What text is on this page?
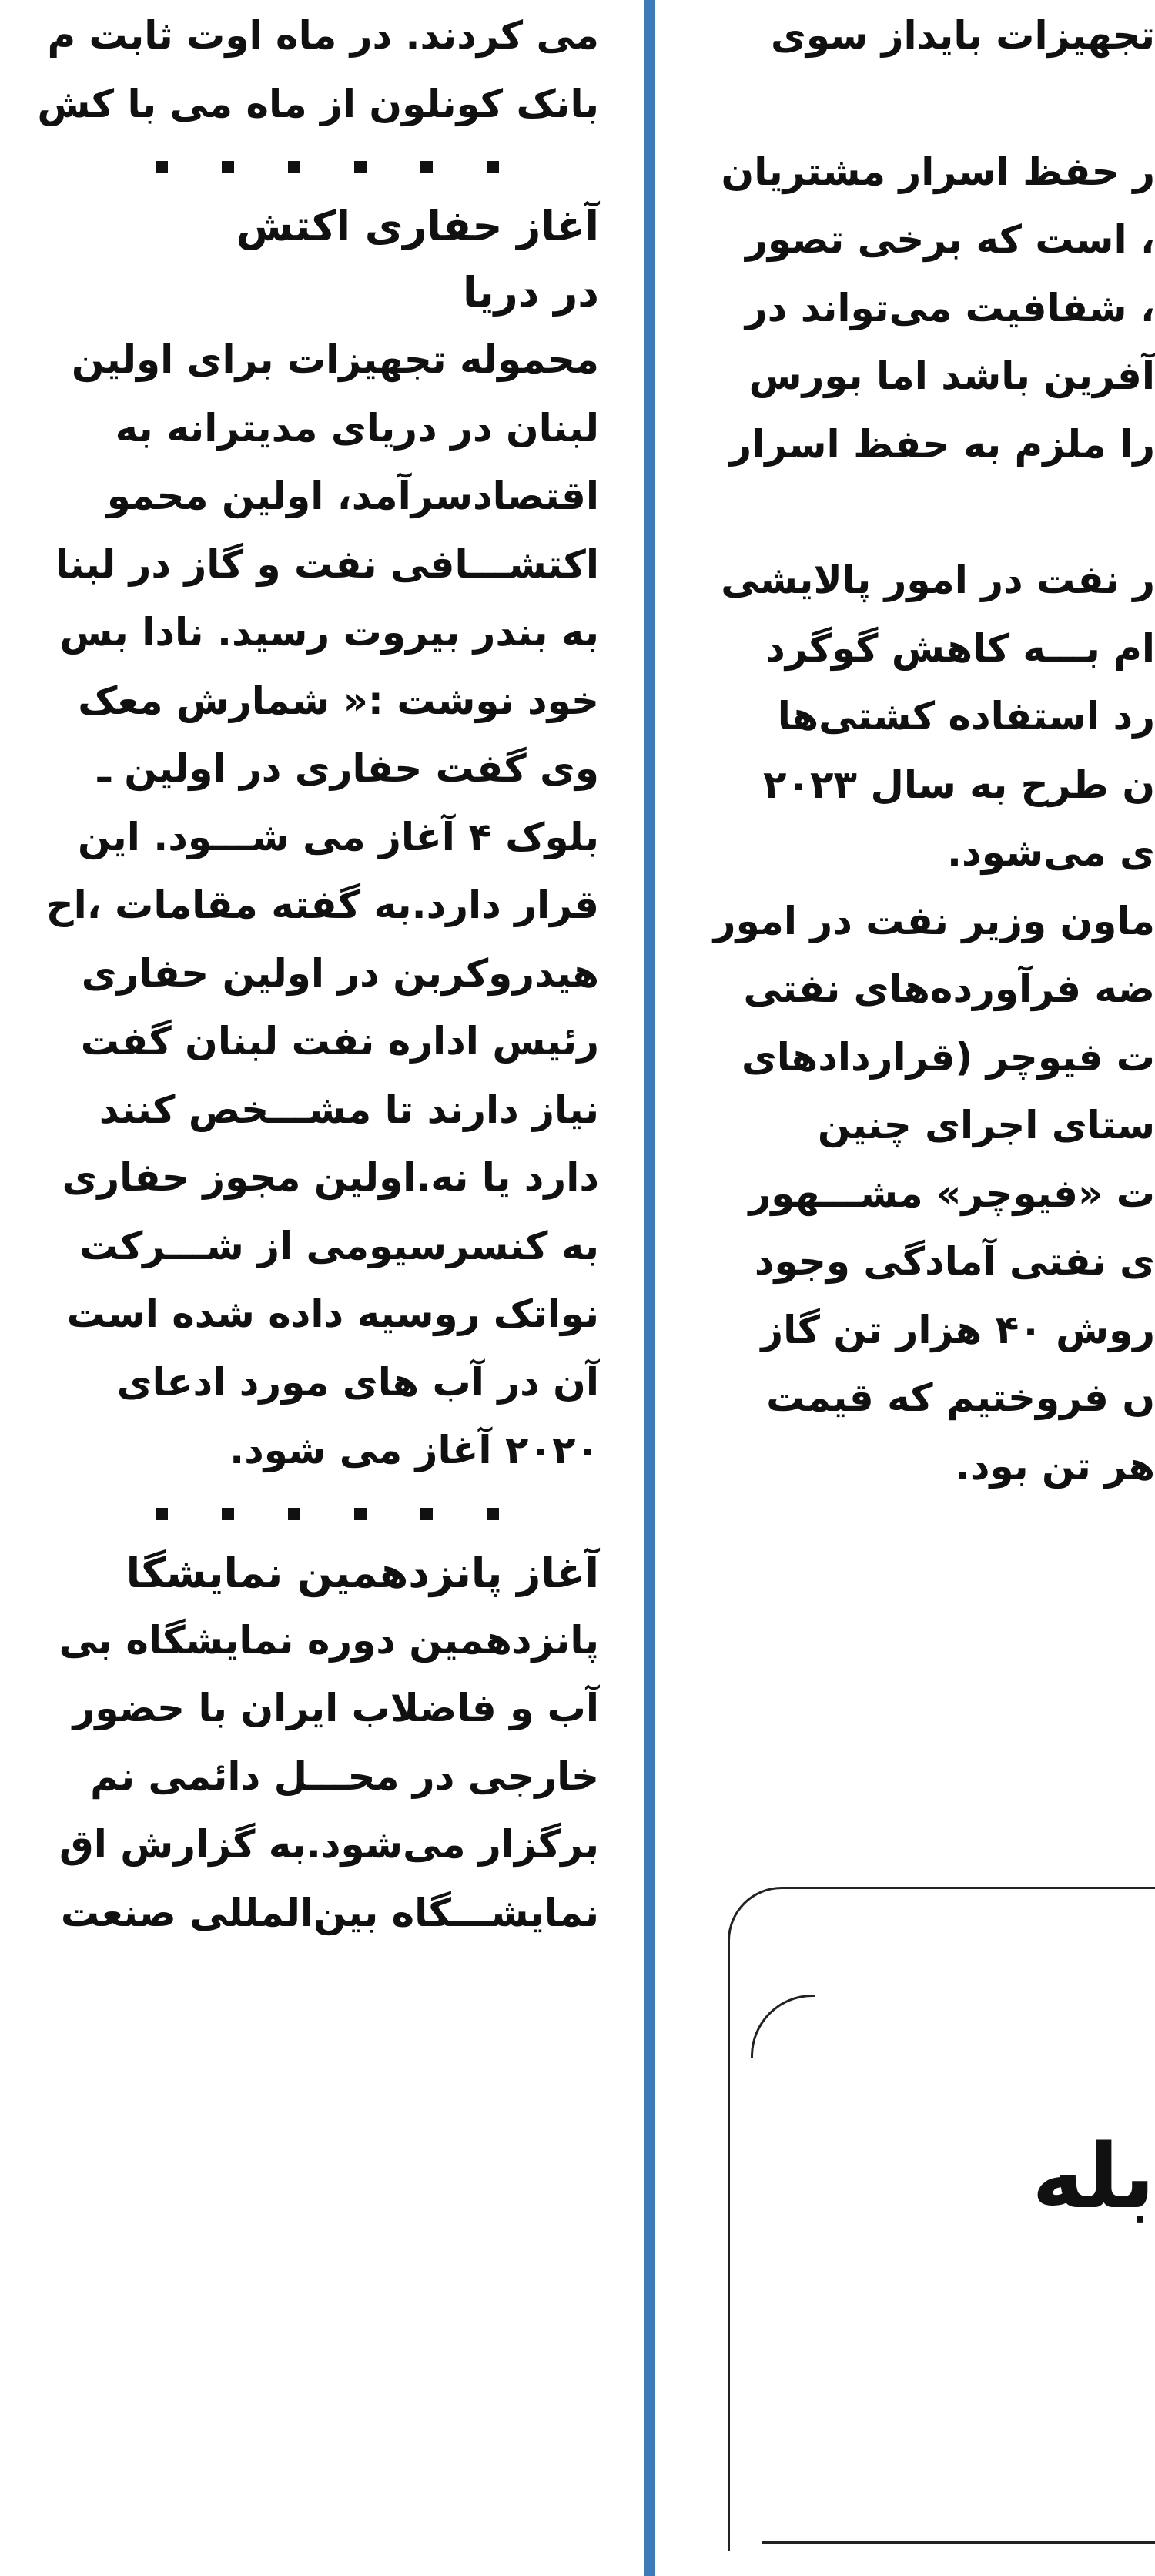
می کردند. در ماه اوت ثابت م

بانک کونلون از ماه می با کش

آغاز حفاری اکتش

در دریا

محموله تجهیزات برای اولین

لبنان در دریای مدیترانه به

اقتصادسرآمد، اولین محمو

اکتشـــافی نفت و گاز در لبنا

به بندر بیروت رسید. نادا بس

خود نوشت :« شمارش معک

وی گفت حفاری در اولین ـ

بلوک ۴ آغاز می شـــود. این

قرار دارد.به گفته مقامات ،اح

هیدروکربن در اولین حفاری

رئیس اداره نفت لبنان گفت

نیاز دارند تا مشـــخص کنند

دارد یا نه.اولین مجوز حفاری

به کنسرسیومی از شـــرکت

نواتک روسیه داده شده است

آن در آب های مورد ادعای

۲۰۲۰ آغاز می شود.

آغاز پانزدهمین نمایشگا

پانزدهمین دوره نمایشگاه بی

آب و فاضلاب ایران با حضور

خارجی در محـــل دائمی نم

برگزار می‌شود.به گزارش اق

نمایشـــگاه بین‌المللی صنعت

تجهیزات بایداز سوی

ر حفظ اسرار مشتریان

، است که برخی تصور

، شفافیت می‌تواند در

آفرین باشد اما بورس

را ملزم به حفظ اسرار

ر نفت در امور پالایشی

ام بـــه کاهش گوگرد

رد استفاده کشتی‌ها

ن طرح به سال ۲۰۲۳

ی می‌شود.

ماون وزیر نفت در امور

ضه فرآورده‌های نفتی

ت فیوچر (قراردادهای

ستای اجرای چنین

ت «فیوچر» مشـــهور

ی نفتی آمادگی وجود

روش ۴۰ هزار تن گاز

ں فروختیم که قیمت

هر تن بود.

بله
